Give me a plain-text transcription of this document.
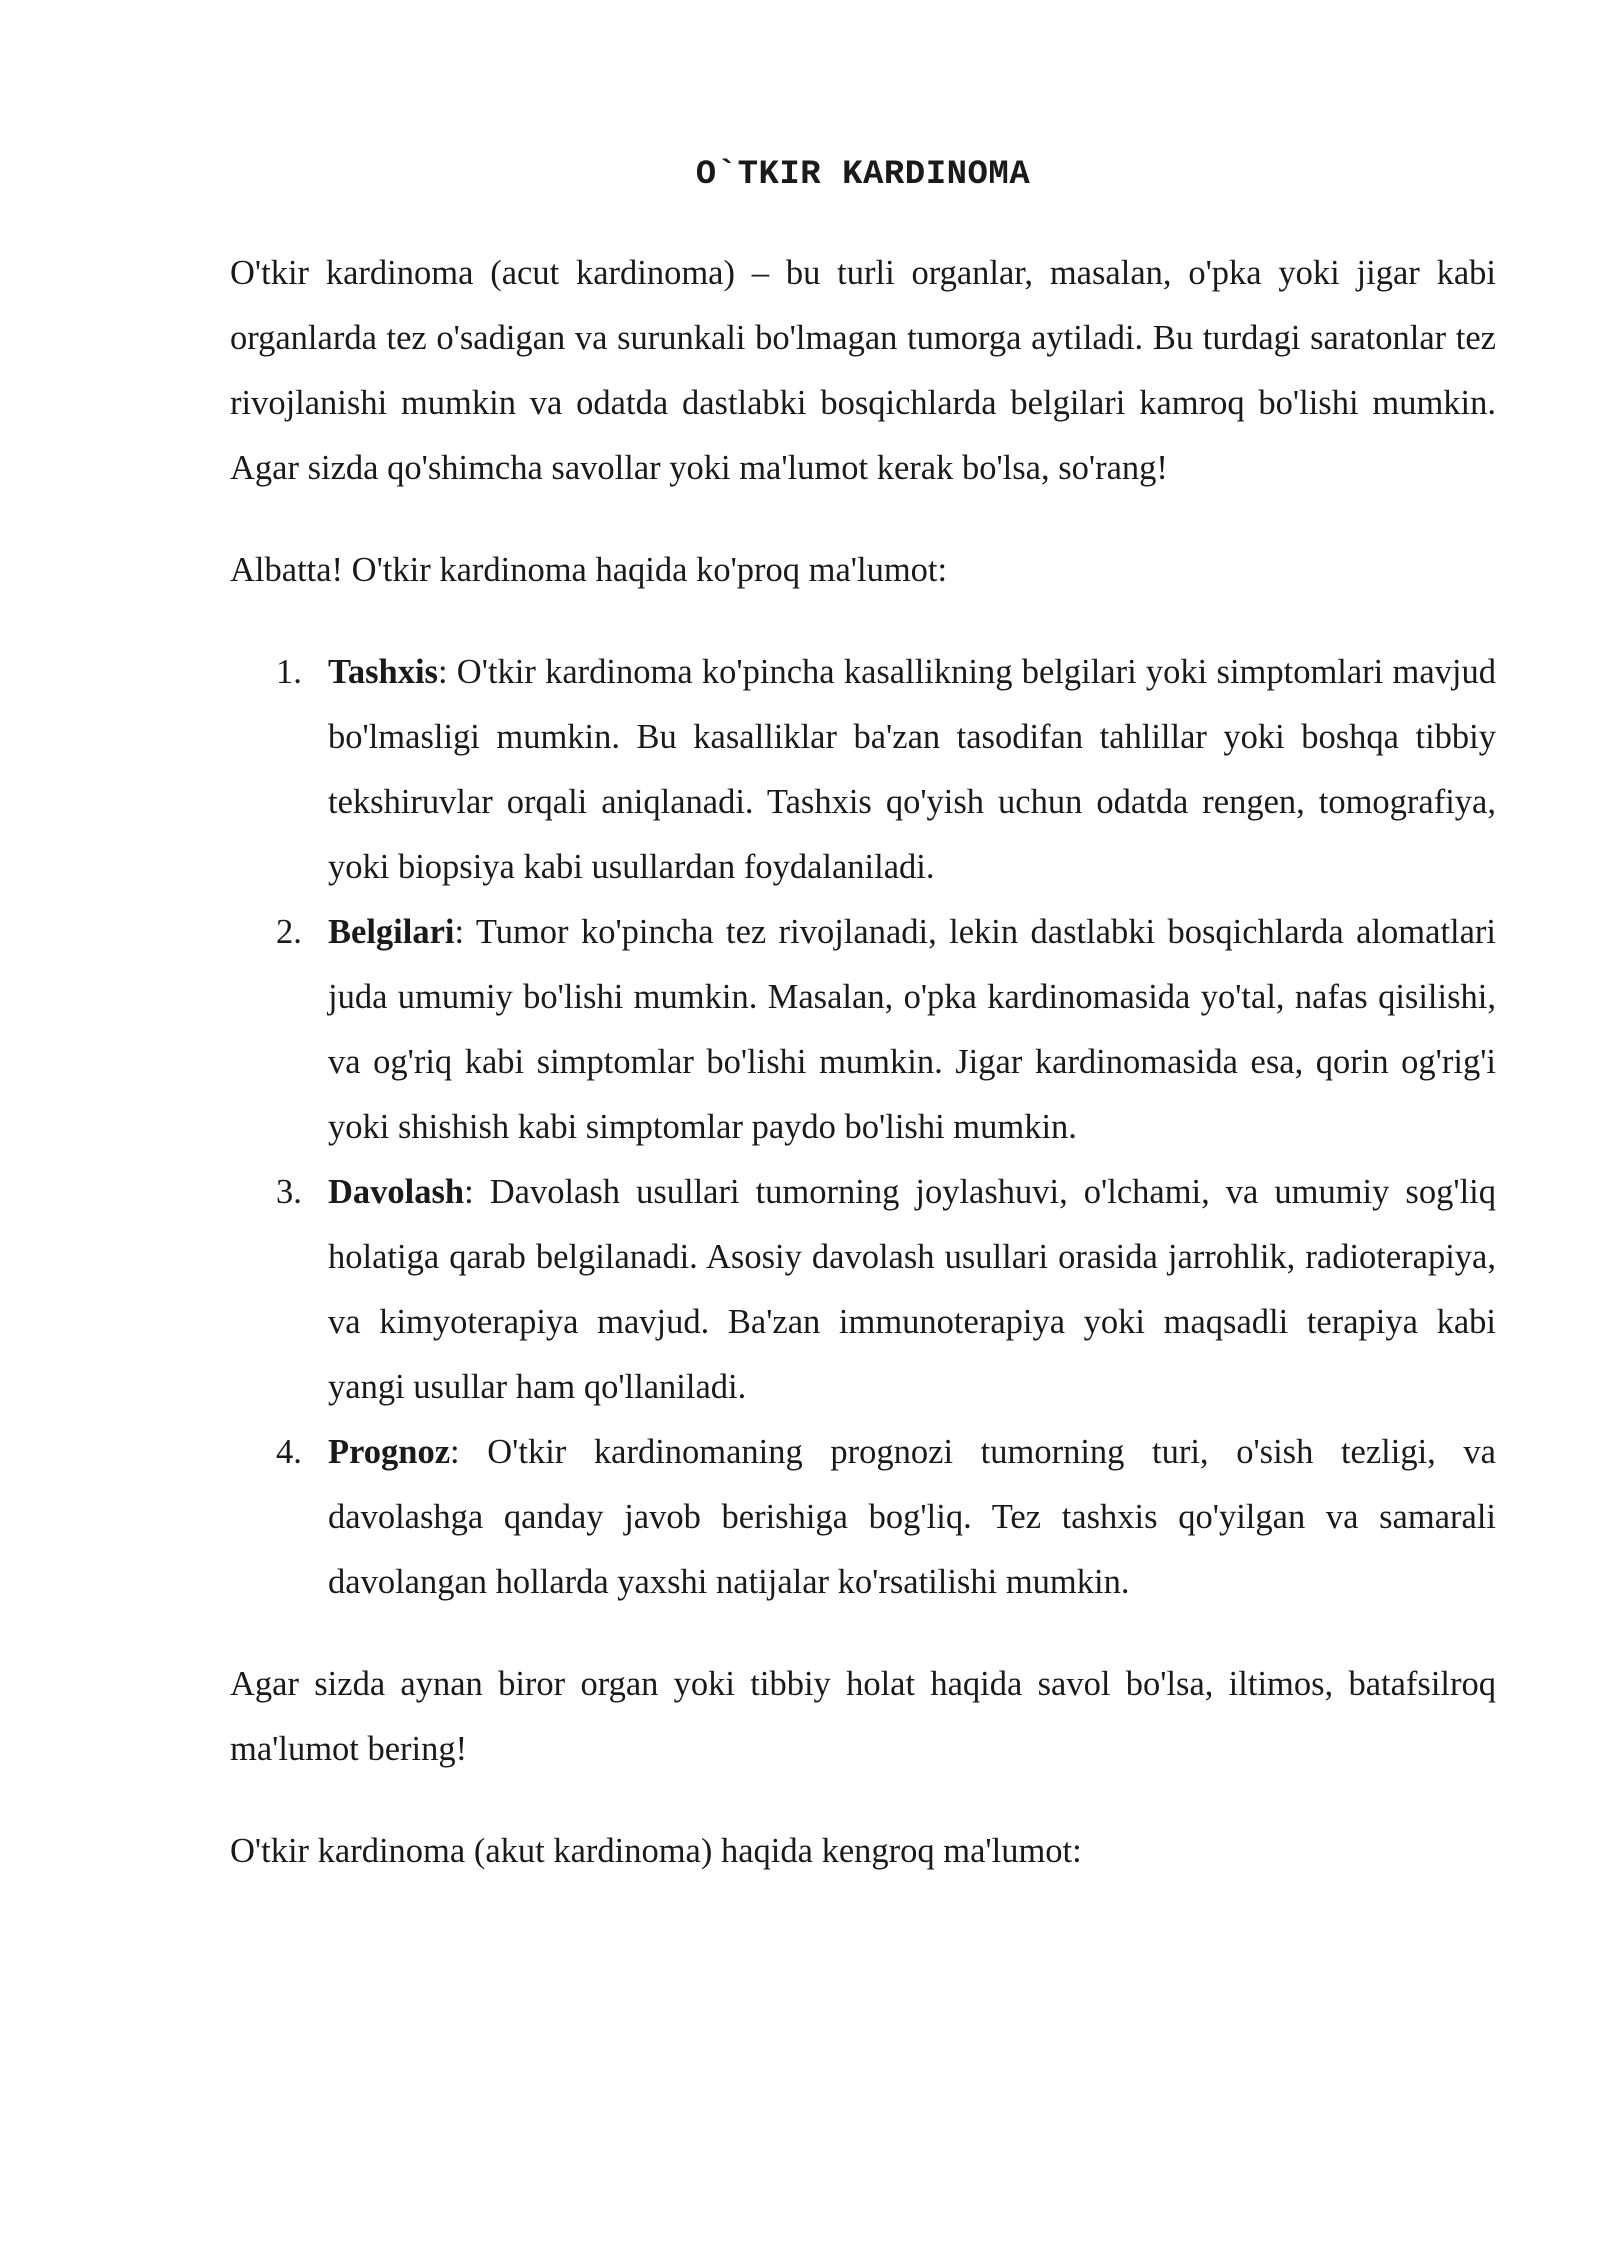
O`TKIR KARDINOMA

O'tkir kardinoma (acut kardinoma) – bu turli organlar, masalan, o'pka yoki jigar kabi organlarda tez o'sadigan va surunkali bo'lmagan tumorga aytiladi. Bu turdagi saratonlar tez rivojlanishi mumkin va odatda dastlabki bosqichlarda belgilari kamroq bo'lishi mumkin. Agar sizda qo'shimcha savollar yoki ma'lumot kerak bo'lsa, so'rang!

Albatta! O'tkir kardinoma haqida ko'proq ma'lumot:

1. Tashxis: O'tkir kardinoma ko'pincha kasallikning belgilari yoki simptomlari mavjud bo'lmasligi mumkin. Bu kasalliklar ba'zan tasodifan tahlillar yoki boshqa tibbiy tekshiruvlar orqali aniqlanadi. Tashxis qo'yish uchun odatda rengen, tomografiya, yoki biopsiya kabi usullardan foydalaniladi.
2. Belgilari: Tumor ko'pincha tez rivojlanadi, lekin dastlabki bosqichlarda alomatlari juda umumiy bo'lishi mumkin. Masalan, o'pka kardinomasida yo'tal, nafas qisilishi, va og'riq kabi simptomlar bo'lishi mumkin. Jigar kardinomasida esa, qorin og'rig'i yoki shishish kabi simptomlar paydo bo'lishi mumkin.
3. Davolash: Davolash usullari tumorning joylashuvi, o'lchami, va umumiy sog'liq holatiga qarab belgilanadi. Asosiy davolash usullari orasida jarrohlik, radioterapiya, va kimyoterapiya mavjud. Ba'zan immunoterapiya yoki maqsadli terapiya kabi yangi usullar ham qo'llaniladi.
4. Prognoz: O'tkir kardinomaning prognozi tumorning turi, o'sish tezligi, va davolashga qanday javob berishiga bog'liq. Tez tashxis qo'yilgan va samarali davolangan hollarda yaxshi natijalar ko'rsatilishi mumkin.

Agar sizda aynan biror organ yoki tibbiy holat haqida savol bo'lsa, iltimos, batafsilroq ma'lumot bering!

O'tkir kardinoma (akut kardinoma) haqida kengroq ma'lumot:
